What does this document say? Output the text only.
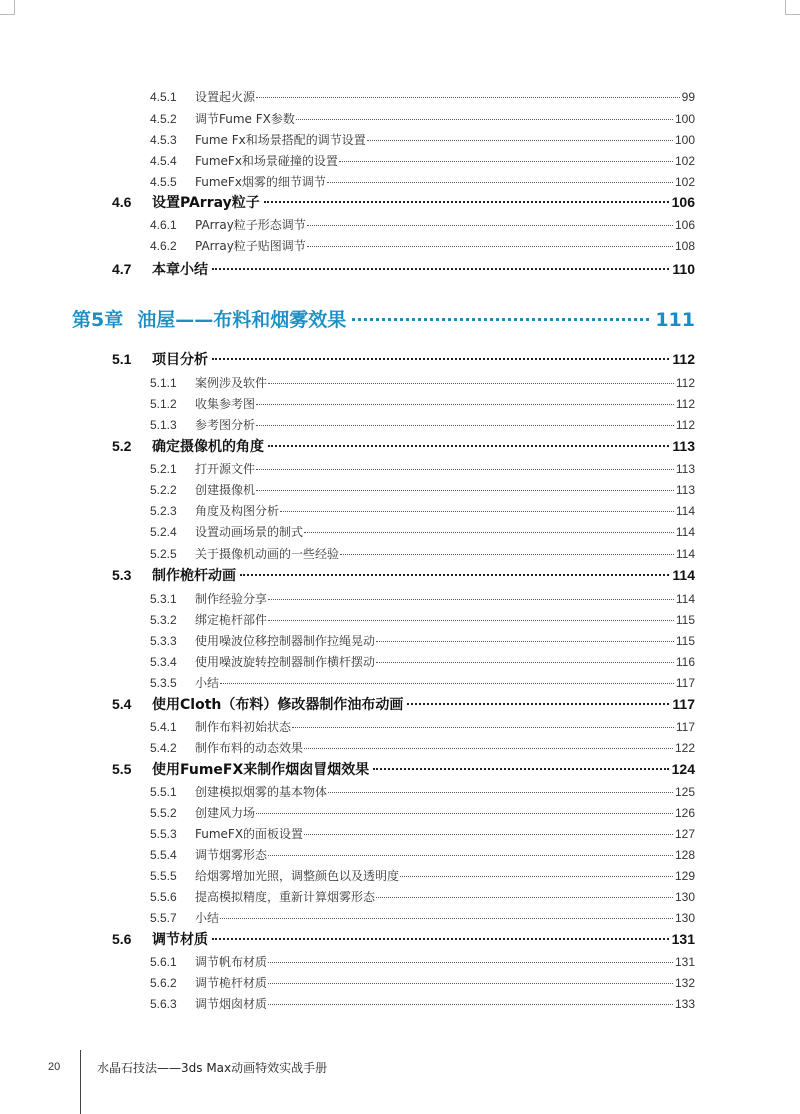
4.5.1	设置起火源	99
4.5.2	调节Fume FX参数	100
4.5.3	Fume Fx和场景搭配的调节设置	100
4.5.4	FumeFx和场景碰撞的设置	102
4.5.5	FumeFx烟雾的细节调节	102
4.6	设置PArray粒子	106
4.6.1	PArray粒子形态调节	106
4.6.2	PArray粒子贴图调节	108
4.7	本章小结	110
第5章 油屋——布料和烟雾效果	111
5.1	项目分析	112
5.1.1	案例涉及软件	112
5.1.2	收集参考图	112
5.1.3	参考图分析	112
5.2	确定摄像机的角度	113
5.2.1	打开源文件	113
5.2.2	创建摄像机	113
5.2.3	角度及构图分析	114
5.2.4	设置动画场景的制式	114
5.2.5	关于摄像机动画的一些经验	114
5.3	制作桅杆动画	114
5.3.1	制作经验分享	114
5.3.2	绑定桅杆部件	115
5.3.3	使用噪波位移控制器制作拉绳晃动	115
5.3.4	使用噪波旋转控制器制作横杆摆动	116
5.3.5	小结	117
5.4	使用Cloth（布料）修改器制作油布动画	117
5.4.1	制作布料初始状态	117
5.4.2	制作布料的动态效果	122
5.5	使用FumeFX来制作烟囱冒烟效果	124
5.5.1	创建模拟烟雾的基本物体	125
5.5.2	创建风力场	126
5.5.3	FumeFX的面板设置	127
5.5.4	调节烟雾形态	128
5.5.5	给烟雾增加光照，调整颜色以及透明度	129
5.5.6	提高模拟精度，重新计算烟雾形态	130
5.5.7	小结	130
5.6	调节材质	131
5.6.1	调节帆布材质	131
5.6.2	调节桅杆材质	132
5.6.3	调节烟囱材质	133
20	水晶石技法——3ds Max动画特效实战手册
